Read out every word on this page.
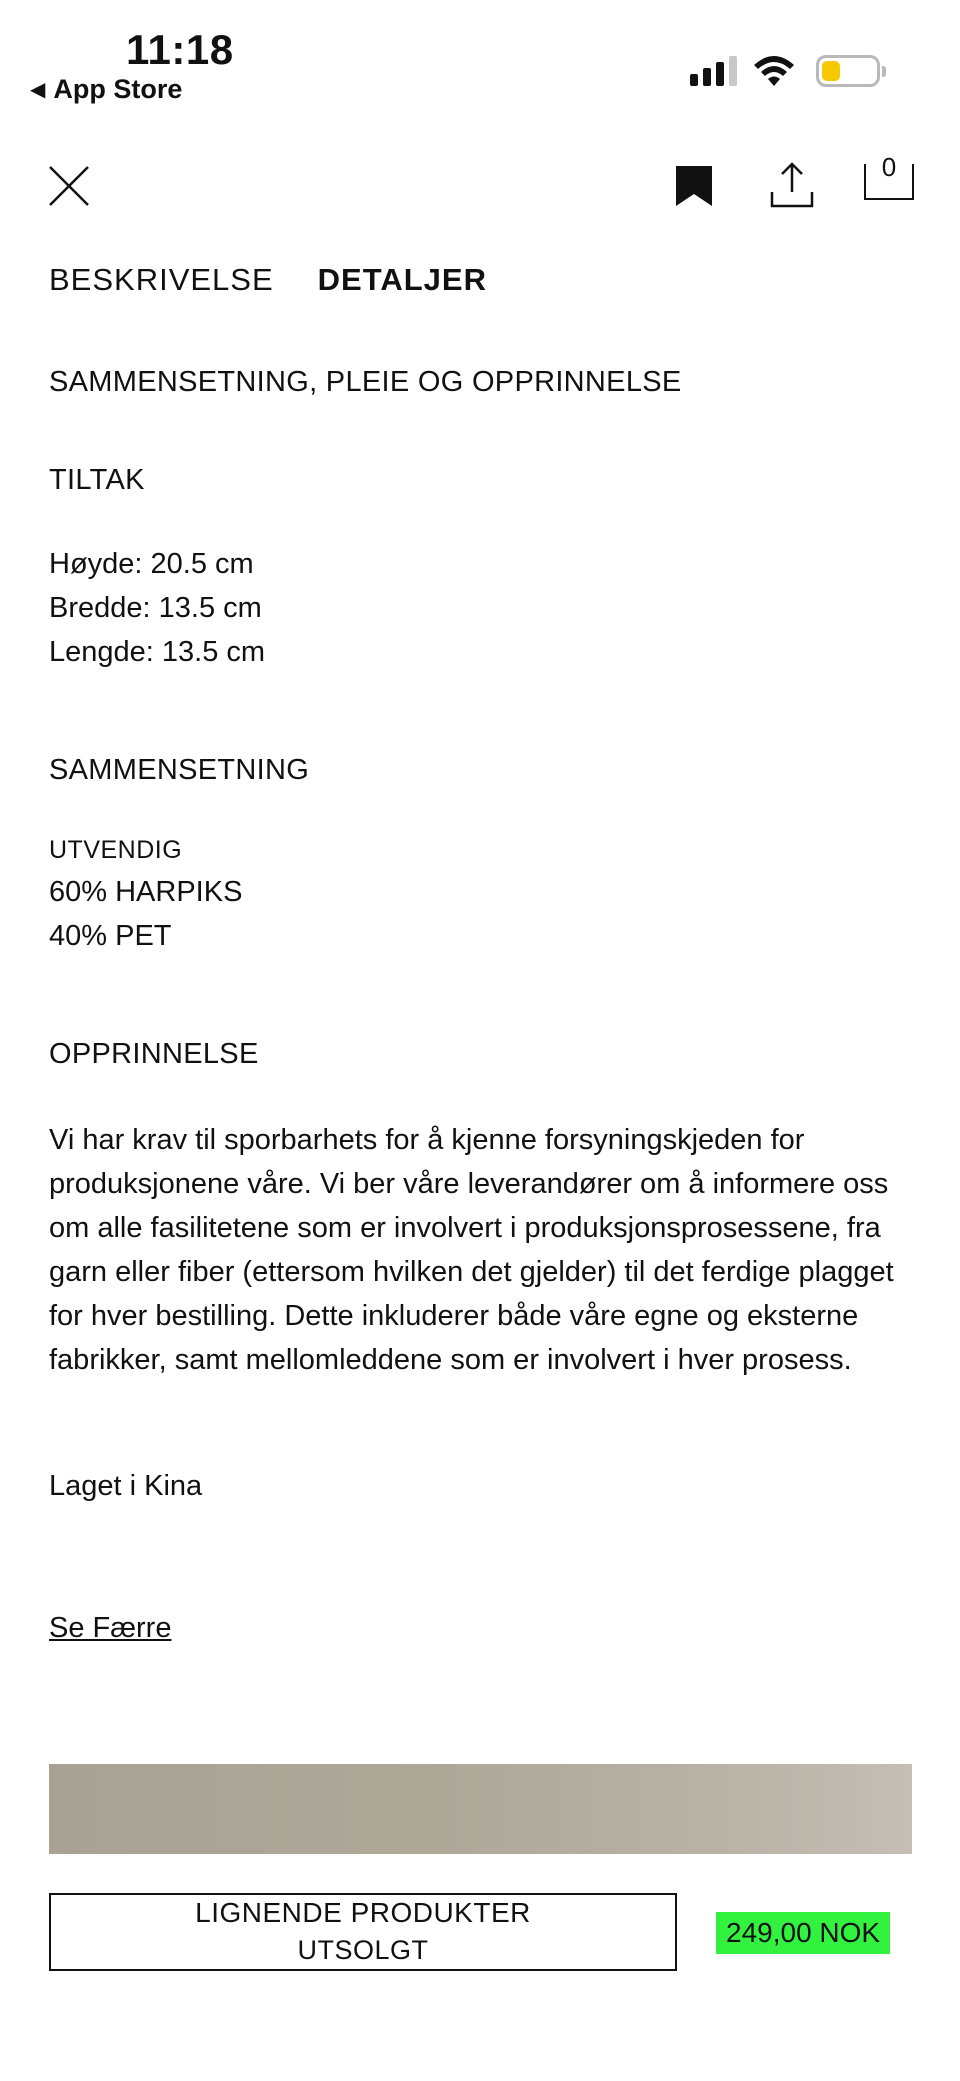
11:18
◀ App Store
0
BESKRIVELSE DETALJER
SAMMENSETNING, PLEIE OG OPPRINNELSE
TILTAK
Høyde: 20.5 cm
Bredde: 13.5 cm
Lengde: 13.5 cm
SAMMENSETNING
UTVENDIG
60% HARPIKS
40% PET
OPPRINNELSE
Vi har krav til sporbarhets for å kjenne forsyningskjeden for produksjonene våre. Vi ber våre leverandører om å informere oss om alle fasilitetene som er involvert i produksjonsprosessene, fra garn eller fiber (ettersom hvilken det gjelder) til det ferdige plagget for hver bestilling. Dette inkluderer både våre egne og eksterne fabrikker, samt mellomleddene som er involvert i hver prosess.
Laget i Kina
Se Færre
LIGNENDE PRODUKTER
UTSOLGT
249,00 NOK
